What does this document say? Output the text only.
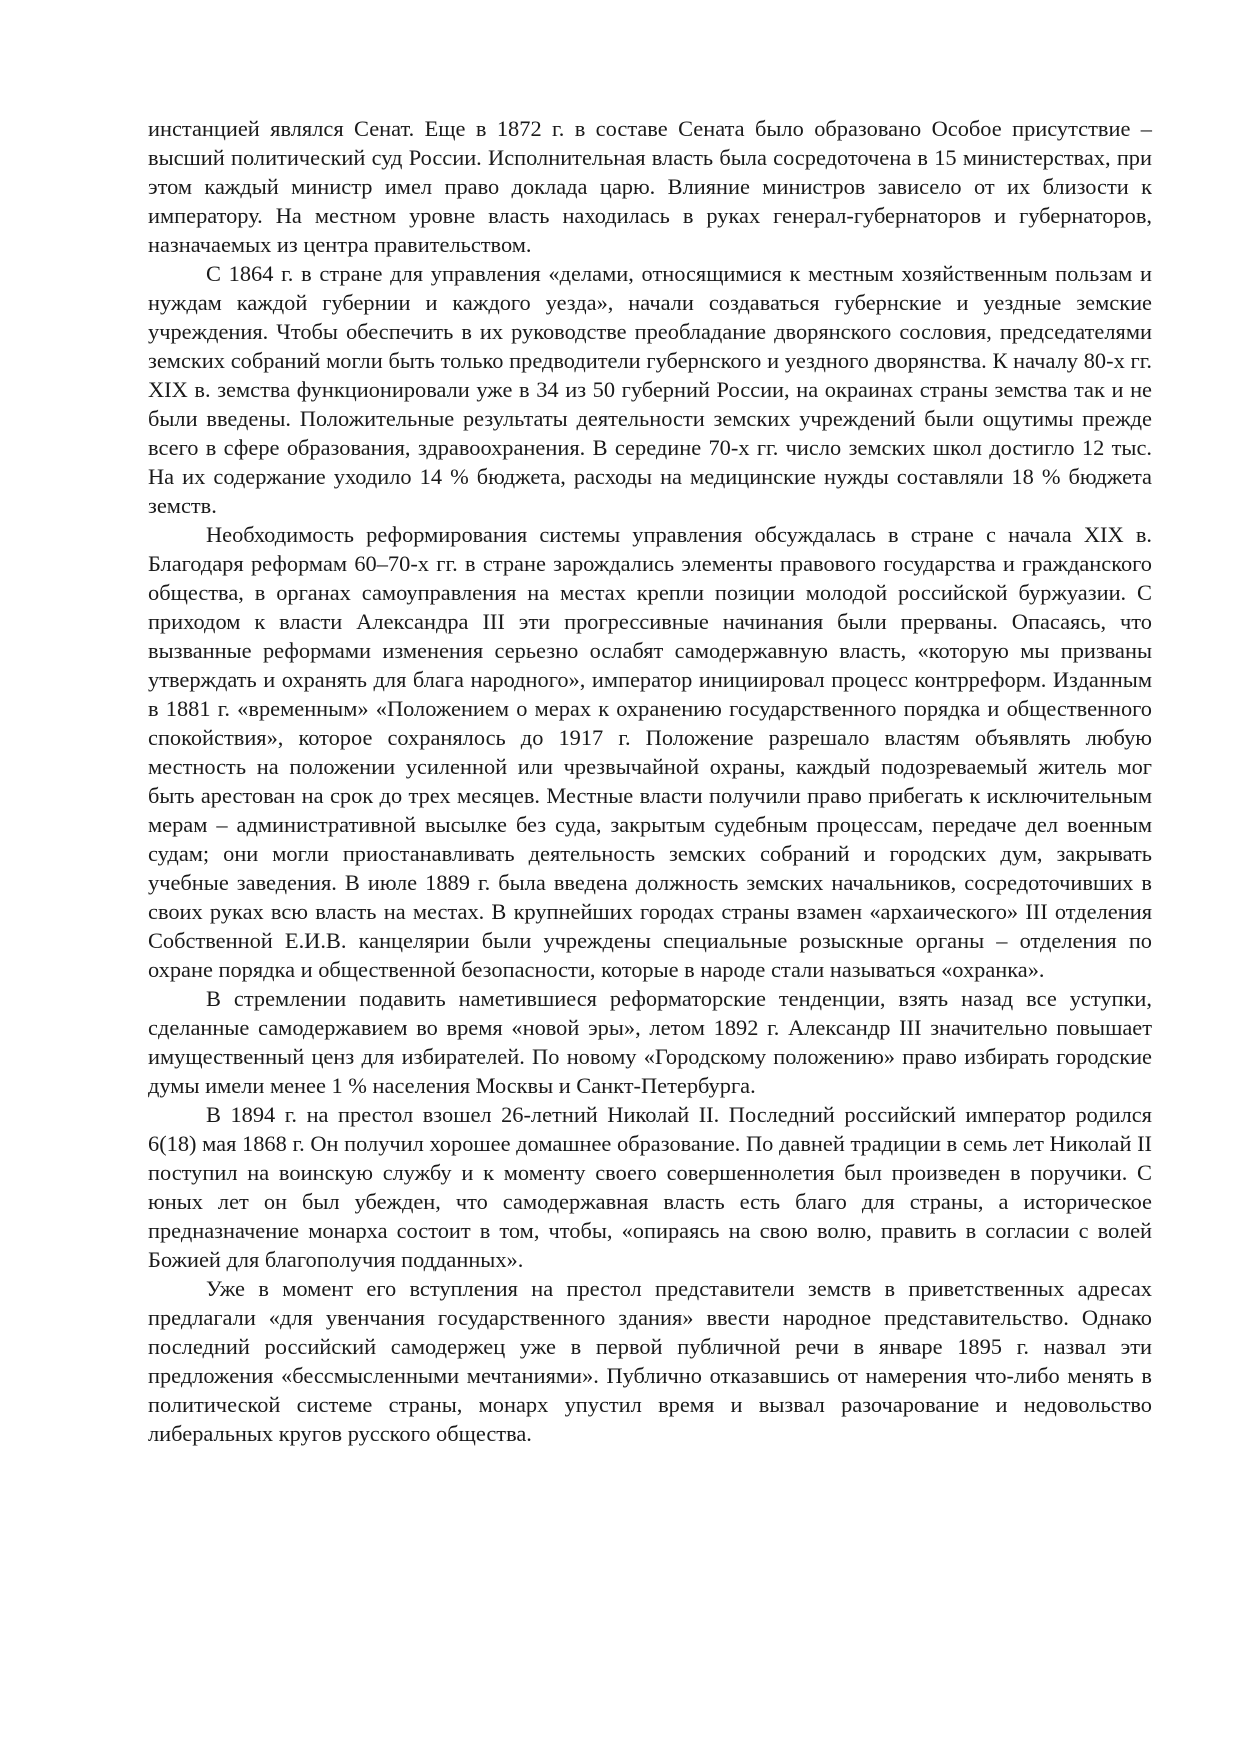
инстанцией являлся Сенат. Еще в 1872 г. в составе Сената было образовано Особое присутствие – высший политический суд России. Исполнительная власть была сосредоточена в 15 министерствах, при этом каждый министр имел право доклада царю. Влияние министров зависело от их близости к императору. На местном уровне власть находилась в руках генерал-губернаторов и губернаторов, назначаемых из центра правительством.

С 1864 г. в стране для управления «делами, относящимися к местным хозяйственным пользам и нуждам каждой губернии и каждого уезда», начали создаваться губернские и уездные земские учреждения. Чтобы обеспечить в их руководстве преобладание дворянского сословия, председателями земских собраний могли быть только предводители губернского и уездного дворянства. К началу 80-х гг. XIX в. земства функционировали уже в 34 из 50 губерний России, на окраинах страны земства так и не были введены. Положительные результаты деятельности земских учреждений были ощутимы прежде всего в сфере образования, здравоохранения. В середине 70-х гг. число земских школ достигло 12 тыс. На их содержание уходило 14 % бюджета, расходы на медицинские нужды составляли 18 % бюджета земств.

Необходимость реформирования системы управления обсуждалась в стране с начала XIX в. Благодаря реформам 60–70-х гг. в стране зарождались элементы правового государства и гражданского общества, в органах самоуправления на местах крепли позиции молодой российской буржуазии. С приходом к власти Александра III эти прогрессивные начинания были прерваны. Опасаясь, что вызванные реформами изменения серьезно ослабят самодержавную власть, «которую мы призваны утверждать и охранять для блага народного», император инициировал процесс контрреформ. Изданным в 1881 г. «временным» «Положением о мерах к охранению государственного порядка и общественного спокойствия», которое сохранялось до 1917 г. Положение разрешало властям объявлять любую местность на положении усиленной или чрезвычайной охраны, каждый подозреваемый житель мог быть арестован на срок до трех месяцев. Местные власти получили право прибегать к исключительным мерам – административной высылке без суда, закрытым судебным процессам, передаче дел военным судам; они могли приостанавливать деятельность земских собраний и городских дум, закрывать учебные заведения. В июле 1889 г. была введена должность земских начальников, сосредоточивших в своих руках всю власть на местах. В крупнейших городах страны взамен «архаического» III отделения Собственной Е.И.В. канцелярии были учреждены специальные розыскные органы – отделения по охране порядка и общественной безопасности, которые в народе стали называться «охранка».

В стремлении подавить наметившиеся реформаторские тенденции, взять назад все уступки, сделанные самодержавием во время «новой эры», летом 1892 г. Александр III значительно повышает имущественный ценз для избирателей. По новому «Городскому положению» право избирать городские думы имели менее 1 % населения Москвы и Санкт-Петербурга.

В 1894 г. на престол взошел 26-летний Николай II. Последний российский император родился 6(18) мая 1868 г. Он получил хорошее домашнее образование. По давней традиции в семь лет Николай II поступил на воинскую службу и к моменту своего совершеннолетия был произведен в поручики. С юных лет он был убежден, что самодержавная власть есть благо для страны, а историческое предназначение монарха состоит в том, чтобы, «опираясь на свою волю, править в согласии с волей Божией для благополучия подданных».

Уже в момент его вступления на престол представители земств в приветственных адресах предлагали «для увенчания государственного здания» ввести народное представительство. Однако последний российский самодержец уже в первой публичной речи в январе 1895 г. назвал эти предложения «бессмысленными мечтаниями». Публично отказавшись от намерения что-либо менять в политической системе страны, монарх упустил время и вызвал разочарование и недовольство либеральных кругов русского общества.
